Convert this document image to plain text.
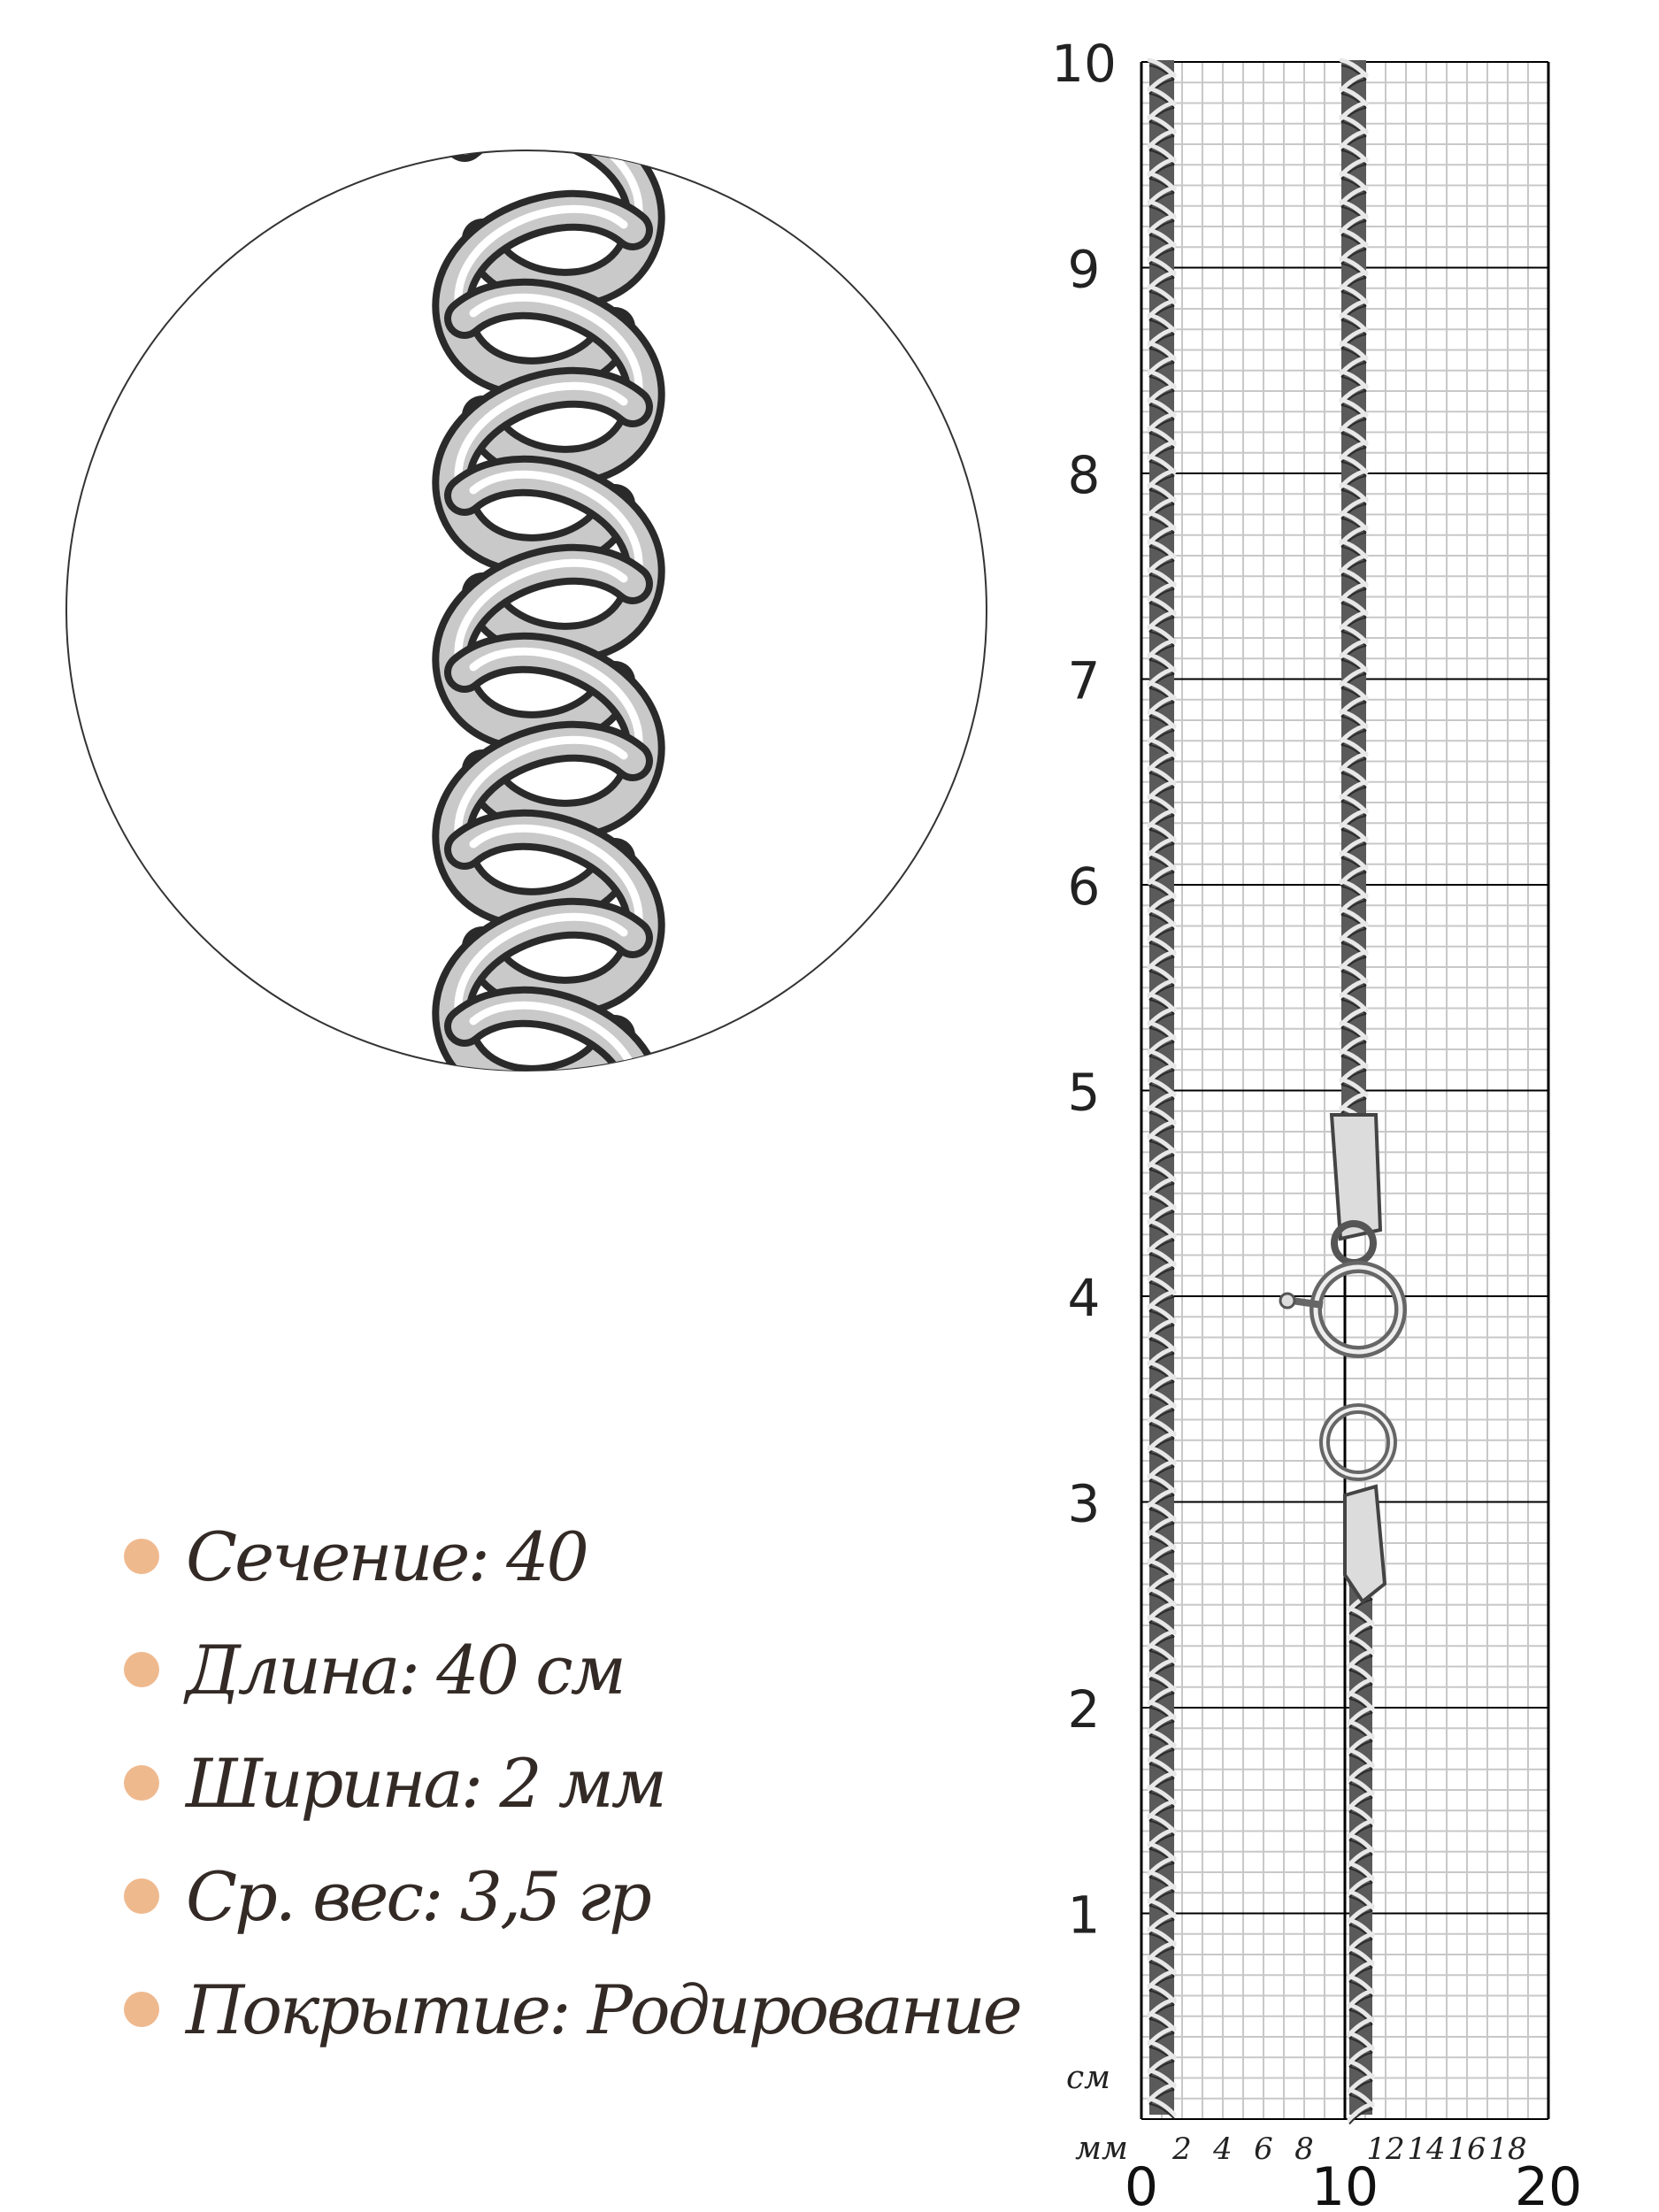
1
2
3
4
5
6
7
8
9
10
см
мм 2 4 6 8 12 14 16 18
0	10	20
Сечение: 40
Длина: 40 см
Ширина: 2 мм
Ср. вес: 3,5 гр
Покрытие: Родирование
